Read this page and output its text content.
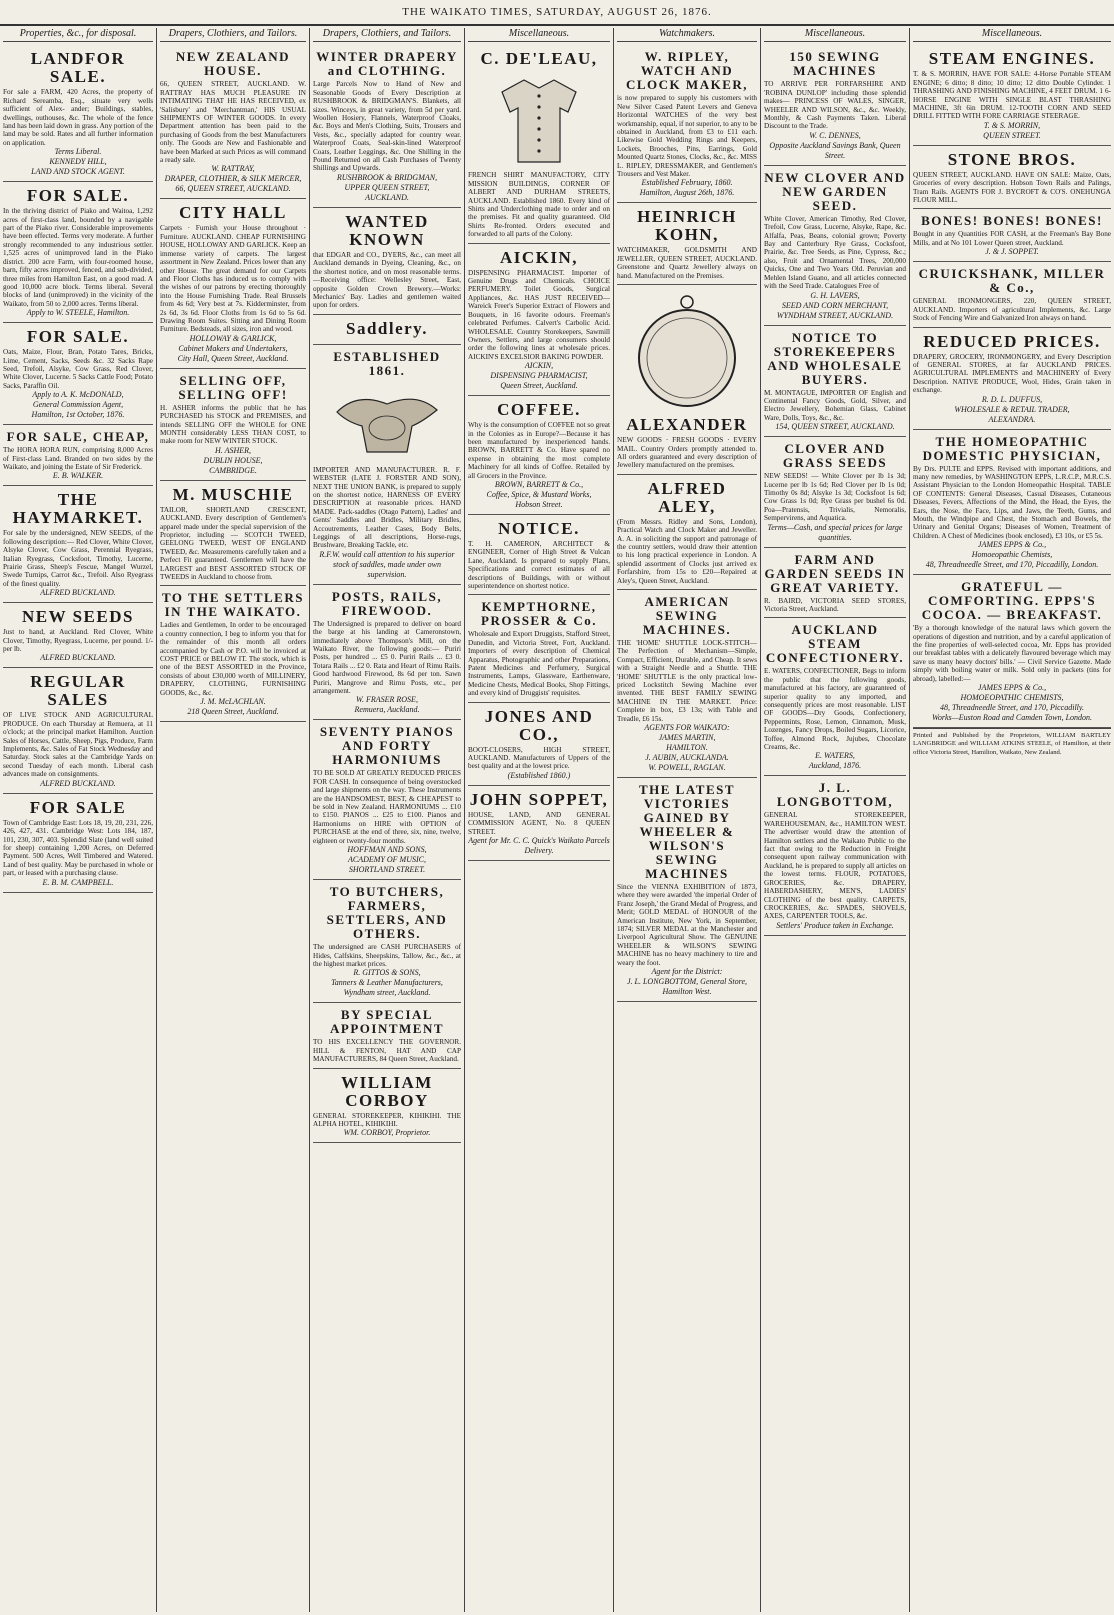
THE WAIKATO TIMES, SATURDAY, AUGUST 26, 1876.
Properties, &c., for disposal.
LANDFOR SALE.
For sale a FARM, 420 Acres, the property of Richard Sereamba, Esq., situate very wells sufficient of Alex- ander; Buildings, stables, dwellings, outhouses, &c. The whole of the fence land has been laid down in grass. Any portion of the land may be sold. Rates and all further information on application.
Terms Liberal.
KENNEDY HILL,
LAND AND STOCK AGENT.
FOR SALE.
In the thriving district of Piako and Waitoa, 1,292 acres of first-class land, bounded by a navigable part of the Piako river. Considerable improvements have been effected. Terms very moderate. A further strongly recommended to any industrious settler. 1,525 acres of unimproved land in the Piako district. 200 acre Farm, with four-roomed house, barn, fifty acres improved, fenced, and sub-divided, three miles from Hamilton East, on a good road. A good 10,000 acre block. Terms liberal. Several blocks of land (unimproved) in the vicinity of the Waikato, from 50 to 2,000 acres. Terms liberal.
Apply to W. STEELE, Hamilton.
FOR SALE.
Oats, Maize, Flour, Bran, Potato Tares, Bricks, Lime, Cement, Sacks, Seeds &c. 32 Sacks Rape Seed, Trefoil, Alsyke, Cow Grass, Red Clover, White Clover, Lucerne. 5 Sacks Cattle Food; Potato Sacks, Paraffin Oil.
Apply to A. K. McDONALD,
General Commission Agent,
Hamilton, 1st October, 1876.
FOR SALE, CHEAP,
The HORA HORA RUN, comprising 8,000 Acres of First-class Land. Branded on two sides by the Waikato, and joining the Estate of Sir Frederick.
E. B. WALKER.
THE HAYMARKET.
For sale by the undersigned, NEW SEEDS, of the following description:— Red Clover, White Clover, Alsyke Clover, Cow Grass, Perennial Ryegrass, Italian Ryegrass, Cocksfoot, Timothy, Lucerne, Prairie Grass, Sheep's Fescue, Mangel Wurzel, Swede Turnips, Carrot &c., Trefoil. Also Ryegrass of the finest quality.
ALFRED BUCKLAND.
NEW SEEDS
Just to hand, at Auckland. Red Clover, White Clover, Timothy, Ryegrass, Lucerne, per pound. 1/- per lb.
ALFRED BUCKLAND.
REGULAR SALES
OF LIVE STOCK AND AGRICULTURAL PRODUCE. On each Thursday at Remuera, at 11 o'clock; at the principal market Hamilton. Auction Sales of Horses, Cattle, Sheep, Pigs, Produce, Farm Implements, &c. Sales of Fat Stock Wednesday and Saturday. Stock sales at the Cambridge Yards on second Tuesday of each month. Liberal cash advances made on consignments.
ALFRED BUCKLAND.
FOR SALE
Town of Cambridge East: Lots 18, 19, 20, 231, 226, 426, 427, 431. Cambridge West: Lots 184, 187, 101, 230, 307, 403. Splendid Slate (land well suited for sheep) containing 1,200 Acres, on Deferred Payment. 500 Acres, Well Timbered and Watered. Land of best quality. May be purchased in whole or part, or leased with a purchasing clause.
E. B. M. CAMPBELL.
Drapers, Clothiers, and Tailors.
NEW ZEALAND HOUSE.
66, QUEEN STREET, AUCKLAND. W. RATTRAY HAS MUCH PLEASURE IN INTIMATING THAT HE HAS RECEIVED, ex 'Salisbury' and 'Merchantman,' HIS USUAL SHIPMENTS OF WINTER GOODS. In every Department attention has been paid to the purchasing of Goods from the best Manufacturers only. The Goods are New and Fashionable and have been Marked at such Prices as will command a ready sale.
W. RATTRAY,
DRAPER, CLOTHIER, & SILK MERCER,
66, QUEEN STREET, AUCKLAND.
CITY HALL
Carpets · Furnish your House throughout · Furniture. AUCKLAND. CHEAP FURNISHING HOUSE, HOLLOWAY AND GARLICK. Keep an immense variety of carpets. The largest assortment in New Zealand. Prices lower than any other House. The great demand for our Carpets and Floor Cloths has induced us to comply with the wishes of our patrons by erecting thoroughly into the House Furnishing Trade. Real Brussels from 4s 6d; Very best at 7s. Kidderminster, from 2s 6d, 3s 6d. Floor Cloths from 1s 6d to 5s 6d. Drawing Room Suites. Sitting and Dining Room Furniture. Bedsteads, all sizes, iron and wood.
HOLLOWAY & GARLICK,
Cabinet Makers and Undertakers,
City Hall, Queen Street, Auckland.
SELLING OFF, SELLING OFF!
H. ASHER informs the public that he has PURCHASED his STOCK and PREMISES, and intends SELLING OFF the WHOLE for ONE MONTH considerably LESS THAN COST, to make room for NEW WINTER STOCK.
H. ASHER,
DUBLIN HOUSE,
CAMBRIDGE.
M. MUSCHIE
TAILOR, SHORTLAND CRESCENT, AUCKLAND. Every description of Gentlemen's apparel made under the special supervision of the Proprietor, including — SCOTCH TWEED, GEELONG TWEED, WEST OF ENGLAND TWEED, &c. Measurements carefully taken and a Perfect Fit guaranteed. Gentlemen will have the LARGEST and BEST ASSORTED STOCK OF TWEEDS in Auckland to choose from.
TO THE SETTLERS IN THE WAIKATO.
Ladies and Gentlemen, In order to be encouraged a country connection, I beg to inform you that for the remainder of this month all orders accompanied by Cash or P.O. will be invoiced at COST PRICE or BELOW IT. The stock, which is one of the BEST ASSORTED in the Province, consists of about £30,000 worth of MILLINERY, DRAPERY, CLOTHING, FURNISHING GOODS, &c., &c.
J. M. McLACHLAN.
218 Queen Street, Auckland.
Drapers, Clothiers, and Tailors.
WINTER DRAPERY and CLOTHING.
Large Parcels Now to Hand of New and Seasonable Goods of Every Description at RUSHBROOK & BRIDGMAN'S. Blankets, all sizes. Winceys, in great variety, from 5d per yard. Woollen Hosiery, Flannels, Waterproof Cloaks, &c. Boys and Men's Clothing, Suits, Trousers and Vests, &c., specially adapted for country wear. Waterproof Coats, Seal-skin-lined Waterproof Coats, Leather Leggings, &c. One Shilling in the Pound Returned on all Cash Purchases of Twenty Shillings and Upwards.
RUSHBROOK & BRIDGMAN,
UPPER QUEEN STREET,
AUCKLAND.
WANTED KNOWN
that EDGAR and CO., DYERS, &c., can meet all Auckland demands in Dyeing, Cleaning, &c., on the shortest notice, and on most reasonable terms.—Receiving office: Wellesley Street, East, opposite Golden Crown Brewery.—Works: Mechanics' Bay. Ladies and gentlemen waited upon for orders.
Saddlery.
ESTABLISHED 1861.
IMPORTER AND MANUFACTURER. R. F. WEBSTER (LATE J. FORSTER AND SON), NEXT THE UNION BANK, is prepared to supply on the shortest notice, HARNESS OF EVERY DESCRIPTION at reasonable prices. HAND MADE. Pack-saddles (Otago Pattern), Ladies' and Gents' Saddles and Bridles, Military Bridles, Accoutrements, Leather Cases, Body Belts, Leggings of all descriptions, Horse-rugs, Brushware, Breaking Tackle, etc.
R.F.W. would call attention to his superior stock of saddles, made under own supervision.
POSTS, RAILS, FIREWOOD.
The Undersigned is prepared to deliver on board the barge at his landing at Cameronstown, immediately above Thompson's Mill, on the Waikato River, the following goods:— Puriri Posts, per hundred ... £5 0. Puriri Rails ... £3 0. Totara Rails ... £2 0. Rata and Heart of Rimu Rails. Good hardwood Firewood, 8s 6d per ton. Sawn Puriri, Mangrove and Rimu Posts, etc., per arrangement.
W. FRASER ROSE,
Remuera, Auckland.
SEVENTY PIANOS AND FORTY HARMONIUMS
TO BE SOLD AT GREATLY REDUCED PRICES FOR CASH. In consequence of being overstocked and large shipments on the way. These Instruments are the HANDSOMEST, BEST, & CHEAPEST to be sold in New Zealand. HARMONIUMS ... £10 to £150. PIANOS ... £25 to £100. Pianos and Harmoniums on HIRE with OPTION of PURCHASE at the end of three, six, nine, twelve, eighteen or twenty-four months.
HOFFMAN AND SONS,
ACADEMY OF MUSIC,
SHORTLAND STREET.
TO BUTCHERS, FARMERS, SETTLERS, AND OTHERS.
The undersigned are CASH PURCHASERS of Hides, Calfskins, Sheepskins, Tallow, &c., &c., at the highest market prices.
R. GITTOS & SONS,
Tanners & Leather Manufacturers,
Wyndham street, Auckland.
BY SPECIAL APPOINTMENT
TO HIS EXCELLENCY THE GOVERNOR. HILL & FENTON, HAT AND CAP MANUFACTURERS, 84 Queen Street, Auckland.
WILLIAM CORBOY
GENERAL STOREKEEPER, KIHIKIHI. THE ALPHA HOTEL, KIHIKIHI.
WM. CORBOY, Proprietor.
Miscellaneous.
C. DE'LEAU,
FRENCH SHIRT MANUFACTORY, CITY MISSION BUILDINGS, CORNER OF ALBERT AND DURHAM STREETS, AUCKLAND. Established 1860. Every kind of Shirts and Underclothing made to order and on the premises. Fit and quality guaranteed. Old Shirts Re-fronted. Orders executed and forwarded to all parts of the Colony.
AICKIN,
DISPENSING PHARMACIST. Importer of Genuine Drugs and Chemicals. CHOICE PERFUMERY. Toilet Goods, Surgical Appliances, &c. HAS JUST RECEIVED— Wareick Freer's Superior Extract of Flowers and Bouquets, in 16 favorite odours. Freeman's celebrated Perfumes. Calvert's Carbolic Acid. WHOLESALE. Country Storekeepers, Sawmill Owners, Settlers, and large consumers should order the following lines at wholesale prices. AICKIN'S EXCELSIOR BAKING POWDER.
AICKIN,
DISPENSING PHARMACIST,
Queen Street, Auckland.
COFFEE.
Why is the consumption of COFFEE not so great in the Colonies as in Europe?—Because it has been manufactured by inexperienced hands. BROWN, BARRETT & Co. Have spared no expense in obtaining the most complete Machinery for all kinds of Coffee. Retailed by all Grocers in the Province.
BROWN, BARRETT & Co.,
Coffee, Spice, & Mustard Works,
Hobson Street.
NOTICE.
T. H. CAMERON, ARCHITECT & ENGINEER, Corner of High Street & Vulcan Lane, Auckland. Is prepared to supply Plans, Specifications and correct estimates of all descriptions of Buildings, with or without superintendence on shortest notice.
KEMPTHORNE, PROSSER & Co.
Wholesale and Export Druggists, Stafford Street, Dunedin, and Victoria Street, Fort, Auckland. Importers of every description of Chemical Apparatus, Photographic and other Preparations, Patent Medicines and Perfumery, Surgical Instruments, Lamps, Glassware, Earthenware, Medicine Chests, Medical Books, Shop Fittings, and every kind of Druggists' requisites.
JONES AND CO.,
BOOT-CLOSERS, HIGH STREET, AUCKLAND. Manufacturers of Uppers of the best quality and at the lowest price.
(Established 1860.)
JOHN SOPPET,
HOUSE, LAND, AND GENERAL COMMISSION AGENT, No. 8 QUEEN STREET.
Agent for Mr. C. C. Quick's Waikato Parcels Delivery.
Watchmakers.
W. RIPLEY, WATCH AND CLOCK MAKER,
is now prepared to supply his customers with New Silver Cased Patent Levers and Geneva Horizontal WATCHES of the very best workmanship, equal, if not superior, to any to be obtained in Auckland, from £3 to £11 each. Likewise Gold Wedding Rings and Keepers, Lockets, Brooches, Pins, Earrings, Gold Mounted Quartz Stones, Clocks, &c., &c. MISS L. RIPLEY, DRESSMAKER, and Gentlemen's Trousers and Vest Maker.
Established February, 1860.
Hamilton, August 26th, 1876.
HEINRICH KOHN,
WATCHMAKER, GOLDSMITH AND JEWELLER, QUEEN STREET, AUCKLAND. Greenstone and Quartz Jewellery always on hand. Manufactured on the Premises.
ALEXANDER
NEW GOODS · FRESH GOODS · EVERY MAIL. Country Orders promptly attended to. All orders guaranteed and every description of Jewellery manufactured on the premises.
ALFRED ALEY,
(From Messrs. Ridley and Sons, London), Practical Watch and Clock Maker and Jeweller. A. A. in soliciting the support and patronage of the country settlers, would draw their attention to his long practical experience in London. A splendid assortment of Clocks just arrived ex Forfarshire, from 15s to £20—Repaired at Aley's, Queen Street, Auckland.
AMERICAN SEWING MACHINES.
THE 'HOME' SHUTTLE LOCK-STITCH—The Perfection of Mechanism—Simple, Compact, Efficient, Durable, and Cheap. It sews with a Straight Needle and a Shuttle. THE 'HOME' SHUTTLE is the only practical low-priced Lockstitch Sewing Machine ever invented. THE BEST FAMILY SEWING MACHINE IN THE MARKET. Price: Complete in box, £3 13s; with Table and Treadle, £6 15s.
AGENTS FOR WAIKATO:
JAMES MARTIN,
HAMILTON.
J. AUBIN, AUCKLANDA.
W. POWELL, RAGLAN.
THE LATEST VICTORIES GAINED BY WHEELER & WILSON'S SEWING MACHINES
Since the VIENNA EXHIBITION of 1873, where they were awarded 'the imperial Order of Franz Joseph,' the Grand Medal of Progress, and Merit; GOLD MEDAL of HONOUR of the American Institute, New York, in September, 1874; SILVER MEDAL at the Manchester and Liverpool Agricultural Show. The GENUINE WHEELER & WILSON'S SEWING MACHINE has no heavy machinery to tire and weary the foot.
Agent for the District:
J. L. LONGBOTTOM, General Store,
Hamilton West.
Miscellaneous.
150 SEWING MACHINES
TO ARRIVE PER FORFARSHIRE AND 'ROBINA DUNLOP' including those splendid makes— PRINCESS OF WALES, SINGER, WHEELER AND WILSON, &c., &c. Weekly, Monthly, & Cash Payments Taken. Liberal Discount to the Trade.
W. C. DENNES,
Opposite Auckland Savings Bank, Queen Street.
NEW CLOVER AND NEW GARDEN SEED.
White Clover, American Timothy, Red Clover, Trefoil, Cow Grass, Lucerne, Alsyke, Rape, &c. Alfalfa, Peas, Beans, colonial grown; Poverty Bay and Canterbury Rye Grass, Cocksfoot, Prairie, &c. Tree Seeds, as Pine, Cypress, &c.; also, Fruit and Ornamental Trees, 200,000 Quicks, One and Two Years Old. Peruvian and Mehlen Island Guano, and all articles connected with the Seed Trade. Catalogues Free of
G. H. LAVERS,
SEED AND CORN MERCHANT,
WYNDHAM STREET, AUCKLAND.
NOTICE TO STOREKEEPERS AND WHOLESALE BUYERS.
M. MONTAGUE, IMPORTER OF English and Continental Fancy Goods, Gold, Silver, and Electro Jewellery, Bohemian Glass, Cabinet Ware, Dolls, Toys, &c., &c.
154, QUEEN STREET, AUCKLAND.
CLOVER AND GRASS SEEDS
NEW SEEDS! — White Clover per lb 1s 3d; Lucerne per lb 1s 6d; Red Clover per lb 1s 0d; Timothy 0s 8d; Alsyke 1s 3d; Cocksfoot 1s 6d; Cow Grass 1s 0d; Rye Grass per bushel 6s 0d. Poa—Pratensis, Trivialis, Nemoralis, Sempervirens, and Aquatica.
Terms—Cash, and special prices for large quantities.
FARM AND GARDEN SEEDS IN GREAT VARIETY.
R. BAIRD, VICTORIA SEED STORES, Victoria Street, Auckland.
AUCKLAND STEAM CONFECTIONERY.
E. WATERS, CONFECTIONER, Begs to inform the public that the following goods, manufactured at his factory, are guaranteed of superior quality to any imported, and consequently prices are most reasonable. LIST OF GOODS—Dry Goods, Confectionery, Peppermints, Rose, Lemon, Cinnamon, Musk, Lozenges, Fancy Drops, Boiled Sugars, Licorice, Toffee, Almond Rock, Jujubes, Chocolate Creams, &c.
E. WATERS,
Auckland, 1876.
J. L. LONGBOTTOM,
GENERAL STOREKEEPER, WAREHOUSEMAN, &c., HAMILTON WEST. The advertiser would draw the attention of Hamilton settlers and the Waikato Public to the fact that owing to the Reduction in Freight consequent upon railway communication with Auckland, he is prepared to supply all articles on the lowest terms. FLOUR, POTATOES, GROCERIES, &c. DRAPERY, HABERDASHERY, MEN'S, LADIES' CLOTHING of the best quality. CARPETS, CROCKERIES, &c. SPADES, SHOVELS, AXES, CARPENTER TOOLS, &c.
Settlers' Produce taken in Exchange.
Miscellaneous.
STEAM ENGINES.
T. & S. MORRIN, HAVE FOR SALE: 4-Horse Portable STEAM ENGINE; 6 ditto; 8 ditto; 10 ditto; 12 ditto Double Cylinder. 1 THRASHING AND FINISHING MACHINE, 4 FEET DRUM. 1 6-HORSE ENGINE WITH SINGLE BLAST THRASHING MACHINE, 3ft 6in DRUM. 12-TOOTH CORN AND SEED DRILL FITTED WITH FORE CARRIAGE STEERAGE.
T. & S. MORRIN,
QUEEN STREET.
STONE BROS.
QUEEN STREET, AUCKLAND. HAVE ON SALE: Maize, Oats, Groceries of every description. Hobson Town Rails and Palings, Tram Rails. AGENTS FOR J. BYCROFT & CO'S. ONEHUNGA FLOUR MILL.
BONES! BONES! BONES!
Bought in any Quantities FOR CASH, at the Freeman's Bay Bone Mills, and at No 101 Lower Queen street, Auckland.
J. & J. SOPPET.
CRUICKSHANK, MILLER & Co.,
GENERAL IRONMONGERS, 220, QUEEN STREET, AUCKLAND. Importers of agricultural Implements, &c. Large Stock of Fencing Wire and Galvanized Iron always on hand.
REDUCED PRICES.
DRAPERY, GROCERY, IRONMONGERY, and Every Description of GENERAL STORES, at far AUCKLAND PRICES. AGRICULTURAL IMPLEMENTS and MACHINERY of Every Description. NATIVE PRODUCE, Wool, Hides, Grain taken in exchange.
R. D. L. DUFFUS,
WHOLESALE & RETAIL TRADER,
ALEXANDRA.
THE HOMEOPATHIC DOMESTIC PHYSICIAN,
By Drs. PULTE and EPPS. Revised with important additions, and many new remedies, by WASHINGTON EPPS, L.R.C.P., M.R.C.S. Assistant Physician to the London Homeopathic Hospital. TABLE OF CONTENTS: General Diseases, Casual Diseases, Cutaneous Diseases, Fevers, Affections of the Mind, the Head, the Eyes, the Ears, the Nose, the Face, Lips, and Jaws, the Teeth, Gums, and Mouth, the Windpipe and Chest, the Stomach and Bowels, the Urinary and Genital Organs; Diseases of Women, Treatment of Children. A Chest of Medicines (book enclosed), £3 10s, or £5 5s.
JAMES EPPS & Co.,
Homoeopathic Chemists,
48, Threadneedle Street, and 170, Piccadilly, London.
GRATEFUL — COMFORTING. EPPS'S COCOA. — BREAKFAST.
'By a thorough knowledge of the natural laws which govern the operations of digestion and nutrition, and by a careful application of the fine properties of well-selected cocoa, Mr. Epps has provided our breakfast tables with a delicately flavoured beverage which may save us many heavy doctors' bills.' — Civil Service Gazette. Made simply with boiling water or milk. Sold only in packets (tins for abroad), labelled:—
JAMES EPPS & Co.,
HOMOEOPATHIC CHEMISTS,
48, Threadneedle Street, and 170, Piccadilly.
Works—Euston Road and Camden Town, London.
Printed and Published by the Proprietors, WILLIAM BARTLEY LANGBRIDGE and WILLIAM ATKINS STEELE, of Hamilton, at their office Victoria Street, Hamilton, Waikato, New Zealand.
